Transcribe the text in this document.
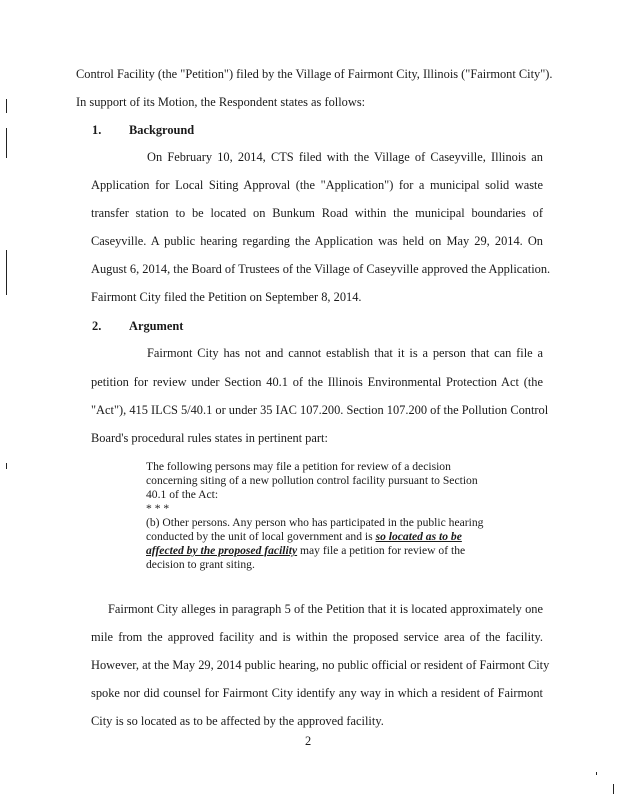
Control Facility (the "Petition") filed by the Village of Fairmont City, Illinois ("Fairmont City").
In support of its Motion, the Respondent states as follows:
1. Background
On February 10, 2014, CTS filed with the Village of Caseyville, Illinois an
Application for Local Siting Approval (the "Application") for a municipal solid waste
transfer station to be located on Bunkum Road within the municipal boundaries of
Caseyville. A public hearing regarding the Application was held on May 29, 2014. On
August 6, 2014, the Board of Trustees of the Village of Caseyville approved the Application.
Fairmont City filed the Petition on September 8, 2014.
2. Argument
Fairmont City has not and cannot establish that it is a person that can file a
petition for review under Section 40.1 of the Illinois Environmental Protection Act (the
"Act"), 415 ILCS 5/40.1 or under 35 IAC 107.200. Section 107.200 of the Pollution Control
Board's procedural rules states in pertinent part:
The following persons may file a petition for review of a decision
concerning siting of a new pollution control facility pursuant to Section
40.1 of the Act:
* * *
(b) Other persons. Any person who has participated in the public hearing
conducted by the unit of local government and is so located as to be
affected by the proposed facility may file a petition for review of the
decision to grant siting.
Fairmont City alleges in paragraph 5 of the Petition that it is located approximately one
mile from the approved facility and is within the proposed service area of the facility.
However, at the May 29, 2014 public hearing, no public official or resident of Fairmont City
spoke nor did counsel for Fairmont City identify any way in which a resident of Fairmont
City is so located as to be affected by the approved facility.
2
